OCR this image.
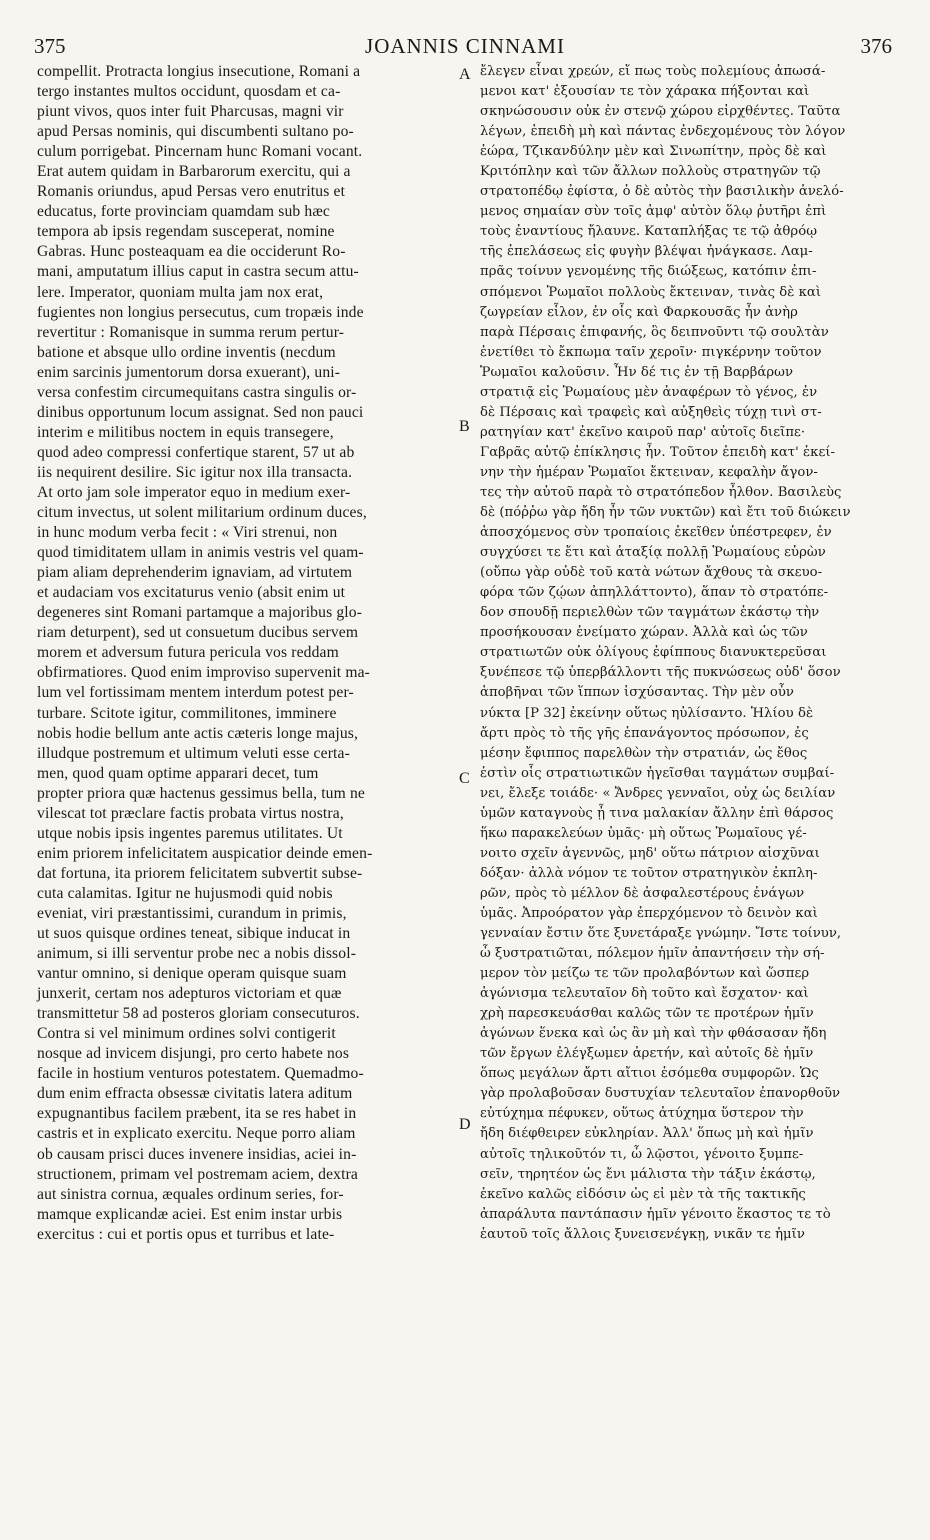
375	JOANNIS CINNAMI	376
compellit. Protracta longius insecutione, Romani a
tergo instantes multos occidunt, quosdam et ca-
piunt vivos, quos inter fuit Pharcusas, magni vir
apud Persas nominis, qui discumbenti sultano po-
culum porrigebat. Pincernam hunc Romani vocant.
Erat autem quidam in Barbarorum exercitu, qui a
Romanis oriundus, apud Persas vero enutritus et
educatus, forte provinciam quamdam sub hæc
tempora ab ipsis regendam susceperat, nomine
Gabras. Hunc posteaquam ea die occiderunt Ro-
mani, amputatum illius caput in castra secum attu-
lere. Imperator, quoniam multa jam nox erat,
fugientes non longius persecutus, cum tropæis inde
revertitur : Romanisque in summa rerum pertur-
batione et absque ullo ordine inventis (necdum
enim sarcinis jumentorum dorsa exuerant), uni-
versa confestim circumequitans castra singulis or-
dinibus opportunum locum assignat. Sed non pauci
interim e militibus noctem in equis transegere,
quod adeo compressi confertique starent, 57 ut ab
iis nequirent desilire. Sic igitur nox illa transacta.
At orto jam sole imperator equo in medium exer-
citum invectus, ut solent militarium ordinum duces,
in hunc modum verba fecit : « Viri strenui, non
quod timiditatem ullam in animis vestris vel quam-
piam aliam deprehenderim ignaviam, ad virtutem
et audaciam vos excitaturus venio (absit enim ut
degeneres sint Romani partamque a majoribus glo-
riam deturpent), sed ut consuetum ducibus servem
morem et adversum futura pericula vos reddam
obfirmatiores. Quod enim improviso supervenit ma-
lum vel fortissimam mentem interdum potest per-
turbare. Scitote igitur, commilitones, imminere
nobis hodie bellum ante actis cæteris longe majus,
illudque postremum et ultimum veluti esse certa-
men, quod quam optime apparari decet, tum
propter priora quæ hactenus gessimus bella, tum ne
vilescat tot præclare factis probata virtus nostra,
utque nobis ipsis ingentes paremus utilitates. Ut
enim priorem infelicitatem auspicatior deinde emen-
dat fortuna, ita priorem felicitatem subvertit subse-
cuta calamitas. Igitur ne hujusmodi quid nobis
eveniat, viri præstantissimi, curandum in primis,
ut suos quisque ordines teneat, sibique inducat in
animum, si illi serventur probe nec a nobis dissol-
vantur omnino, si denique operam quisque suam
junxerit, certam nos adepturos victoriam et quæ
transmittetur 58 ad posteros gloriam consecuturos.
Contra si vel minimum ordines solvi contigerit
nosque ad invicem disjungi, pro certo habete nos
facile in hostium venturos potestatem. Quemadmo-
dum enim effracta obsessæ civitatis latera aditum
expugnantibus facilem præbent, ita se res habet in
castris et in explicato exercitu. Neque porro aliam
ob causam prisci duces invenere insidias, aciei in-
structionem, primam vel postremam aciem, dextra
aut sinistra cornua, æquales ordinum series, for-
mamque explicandæ aciei. Est enim instar urbis
exercitus : cui et portis opus et turribus et late-
ἔλεγεν εἶναι χρεών, εἴ πως τοὺς πολεμίους ἀπωσά-
μενοι κατ' ἐξουσίαν τε τὸν χάρακα πήξονται καὶ
σκηνώσουσιν οὐκ ἐν στενῷ χώρου εἰρχθέντες. Ταῦτα
λέγων, ἐπειδὴ μὴ καὶ πάντας ἐνδεχομένους τὸν λόγον
ἑώρα, Τζικανδύλην μὲν καὶ Σινωπίτην, πρὸς δὲ καὶ
Κριτόπλην καὶ τῶν ἄλλων πολλοὺς στρατηγῶν τῷ
στρατοπέδῳ ἐφίστα, ὁ δὲ αὐτὸς τὴν βασιλικὴν ἀνελό-
μενος σημαίαν σὺν τοῖς ἀμφ' αὐτὸν ὅλῳ ῥυτῆρι ἐπὶ
τοὺς ἐναντίους ἤλαυνε. Καταπλήξας τε τῷ ἀθρόῳ
τῆς ἐπελάσεως εἰς φυγὴν βλέψαι ἠνάγκασε. Λαμ-
πρᾶς τοίνυν γενομένης τῆς διώξεως, κατόπιν ἐπι-
σπόμενοι Ῥωμαῖοι πολλοὺς ἔκτειναν, τινὰς δὲ καὶ
ζωγρείαν εἷλον, ἐν οἷς καὶ Φαρκουσᾶς ἦν ἀνὴρ
παρὰ Πέρσαις ἐπιφανής, ὃς δειπνοῦντι τῷ σουλτὰν
ἐνετίθει τὸ ἔκπωμα ταῖν χεροῖν· πιγκέρνην τοῦτον
Ῥωμαῖοι καλοῦσιν. Ἦν δέ τις ἐν τῇ Βαρβάρων
στρατιᾷ εἰς Ῥωμαίους μὲν ἀναφέρων τὸ γένος, ἐν
δὲ Πέρσαις καὶ τραφεὶς καὶ αὐξηθεὶς τύχῃ τινὶ στ-
ρατηγίαν κατ' ἐκεῖνο καιροῦ παρ' αὐτοῖς διεῖπε·
Γαβρᾶς αὐτῷ ἐπίκλησις ἦν. Τοῦτον ἐπειδὴ κατ' ἐκεί-
νην τὴν ἡμέραν Ῥωμαῖοι ἔκτειναν, κεφαλὴν ἄγον-
τες τὴν αὐτοῦ παρὰ τὸ στρατόπεδον ἦλθον. Βασιλεὺς
δὲ (πόῤῥω γὰρ ἤδη ἦν τῶν νυκτῶν) καὶ ἔτι τοῦ διώκειν
ἀποσχόμενος σὺν τροπαίοις ἐκεῖθεν ὑπέστρεφεν, ἐν
συγχύσει τε ἔτι καὶ ἀταξίᾳ πολλῇ Ῥωμαίους εὑρὼν
(οὔπω γὰρ οὐδὲ τοῦ κατὰ νώτων ἄχθους τὰ σκευο-
φόρα τῶν ζῴων ἀπηλλάττοντο), ἅπαν τὸ στρατόπε-
δον σπουδῇ περιελθὼν τῶν ταγμάτων ἑκάστῳ τὴν
προσήκουσαν ἐνείματο χώραν. Ἀλλὰ καὶ ὡς τῶν
στρατιωτῶν οὐκ ὀλίγους ἐφίππους διανυκτερεῦσαι
ξυνέπεσε τῷ ὑπερβάλλοντι τῆς πυκνώσεως οὐδ' ὅσον
ἀποβῆναι τῶν ἵππων ἰσχύσαντας. Τὴν μὲν οὖν
νύκτα [P 32] ἐκείνην οὕτως ηὐλίσαντο. Ἡλίου δὲ
ἄρτι πρὸς τὸ τῆς γῆς ἐπανάγοντος πρόσωπον, ἐς
μέσην ἔφιππος παρελθὼν τὴν στρατιάν, ὡς ἔθος
ἐστὶν οἷς στρατιωτικῶν ἡγεῖσθαι ταγμάτων συμβαί-
νει, ἔλεξε τοιάδε· « Ἄνδρες γενναῖοι, οὐχ ὡς δειλίαν
ὑμῶν καταγνοὺς ᾖ τινα μαλακίαν ἄλλην ἐπὶ θάρσος
ἥκω παρακελεύων ὑμᾶς· μὴ οὕτως Ῥωμαῖους γέ-
νοιτο σχεῖν ἀγεννῶς, μηδ' οὕτω πάτριον αἰσχῦναι
δόξαν· ἀλλὰ νόμον τε τοῦτον στρατηγικὸν ἐκπλη-
ρῶν, πρὸς τὸ μέλλον δὲ ἀσφαλεστέρους ἐνάγων
ὑμᾶς. Ἀπροόρατον γὰρ ἐπερχόμενον τὸ δεινὸν καὶ
γενναίαν ἔστιν ὅτε ξυνετάραξε γνώμην. Ἴστε τοίνυν,
ὦ ξυστρατιῶται, πόλεμον ἡμῖν ἀπαντήσειν τὴν σή-
μερον τὸν μείζω τε τῶν προλαβόντων καὶ ὥσπερ
ἀγώνισμα τελευταῖον δὴ τοῦτο καὶ ἔσχατον· καὶ
χρὴ παρεσκευάσθαι καλῶς τῶν τε προτέρων ἡμῖν
ἀγώνων ἕνεκα καὶ ὡς ἂν μὴ καὶ τὴν φθάσασαν ἤδη
τῶν ἔργων ἐλέγξωμεν ἀρετήν, καὶ αὐτοῖς δὲ ἡμῖν
ὅπως μεγάλων ἄρτι αἴτιοι ἐσόμεθα συμφορῶν. Ὡς
γὰρ προλαβοῦσαν δυστυχίαν τελευταῖον ἐπανορθοῦν
εὐτύχημα πέφυκεν, οὕτως ἀτύχημα ὕστερον τὴν
ἤδη διέφθειρεν εὐκληρίαν. Ἀλλ' ὅπως μὴ καὶ ἡμῖν
αὐτοῖς τηλικοῦτόν τι, ὦ λῷστοι, γένοιτο ξυμπε-
σεῖν, τηρητέον ὡς ἔνι μάλιστα τὴν τάξιν ἑκάστῳ,
ἐκεῖνο καλῶς εἰδόσιν ὡς εἰ μὲν τὰ τῆς τακτικῆς
ἀπαράλυτα παντάπασιν ἡμῖν γένοιτο ἕκαστος τε τὸ
ἑαυτοῦ τοῖς ἄλλοις ξυνεισενέγκῃ, νικᾶν τε ἡμῖν
A
B
C
D
